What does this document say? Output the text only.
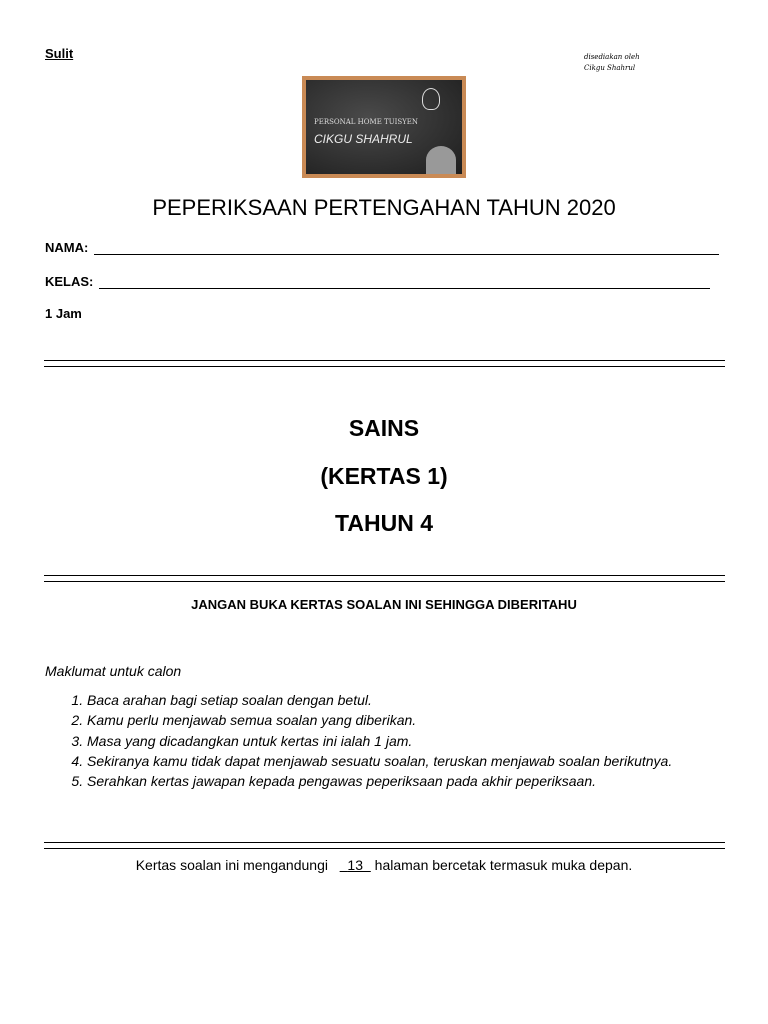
Sulit	disediakan oleh
Cikgu Shahrul
PERSONAL HOME TUISYEN
CIKGU SHAHRUL
PEPERIKSAAN PERTENGAHAN TAHUN 2020
NAMA:
KELAS:
1 Jam
SAINS
(KERTAS 1)
TAHUN 4
JANGAN BUKA KERTAS SOALAN INI SEHINGGA DIBERITAHU
Maklumat untuk calon
1. Baca arahan bagi setiap soalan dengan betul.
2. Kamu perlu menjawab semua soalan yang diberikan.
3. Masa yang dicadangkan untuk kertas ini ialah 1 jam.
4. Sekiranya kamu tidak dapat menjawab sesuatu soalan, teruskan menjawab soalan berikutnya.
5. Serahkan kertas jawapan kepada pengawas peperiksaan pada akhir peperiksaan.
Kertas soalan ini mengandungi 13 halaman bercetak termasuk muka depan.
